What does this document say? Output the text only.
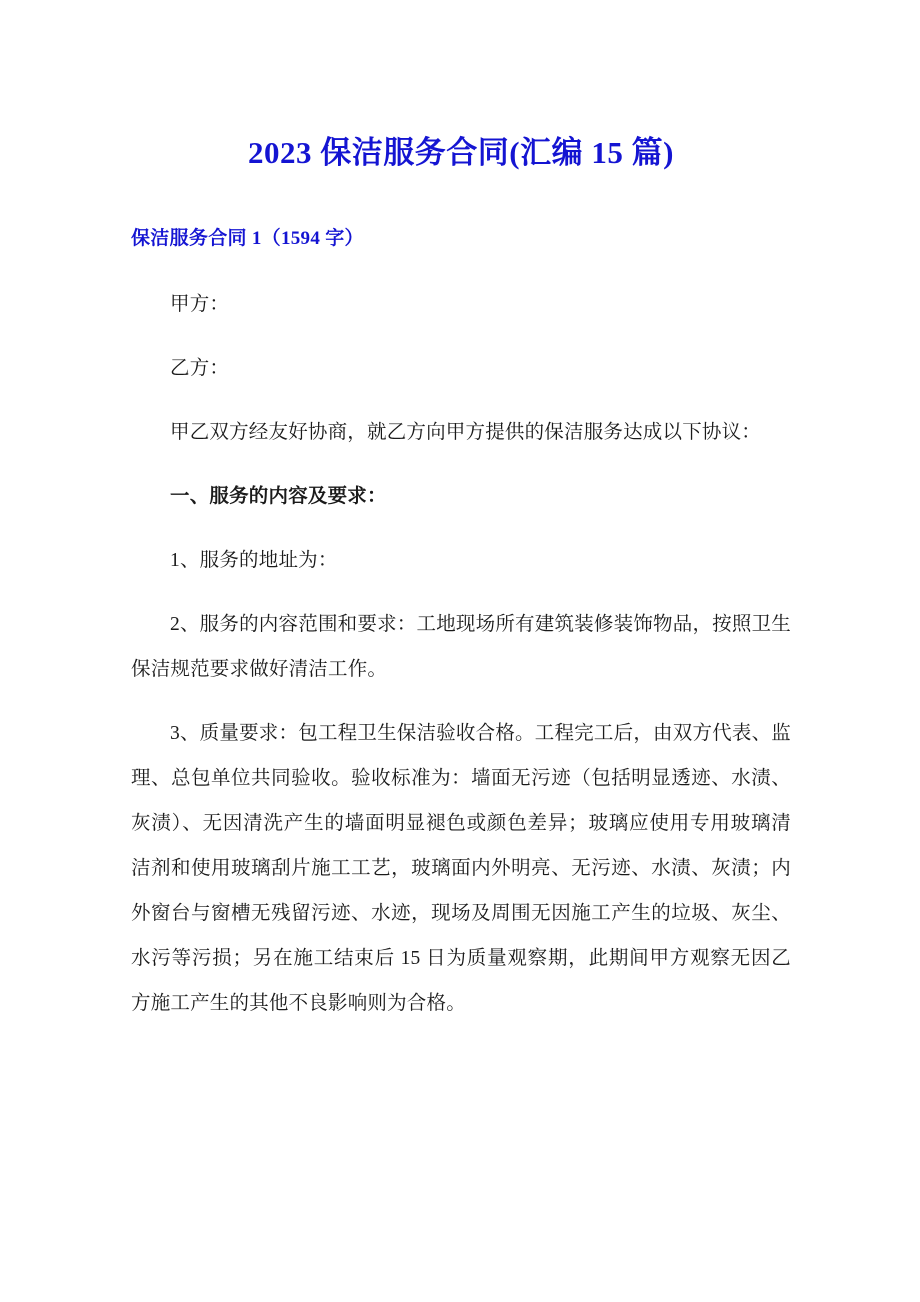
2023 保洁服务合同(汇编 15 篇)
保洁服务合同 1（1594 字）

甲方：

乙方：

甲乙双方经友好协商，就乙方向甲方提供的保洁服务达成以下协议：

一、服务的内容及要求：

1、服务的地址为：

2、服务的内容范围和要求：工地现场所有建筑装修装饰物品，按照卫生保洁规范要求做好清洁工作。

3、质量要求：包工程卫生保洁验收合格。工程完工后，由双方代表、监理、总包单位共同验收。验收标准为：墙面无污迹（包括明显透迹、水渍、灰渍）、无因清洗产生的墙面明显褪色或颜色差异；玻璃应使用专用玻璃清洁剂和使用玻璃刮片施工工艺，玻璃面内外明亮、无污迹、水渍、灰渍；内外窗台与窗槽无残留污迹、水迹，现场及周围无因施工产生的垃圾、灰尘、水污等污损；另在施工结束后 15 日为质量观察期，此期间甲方观察无因乙方施工产生的其他不良影响则为合格。
